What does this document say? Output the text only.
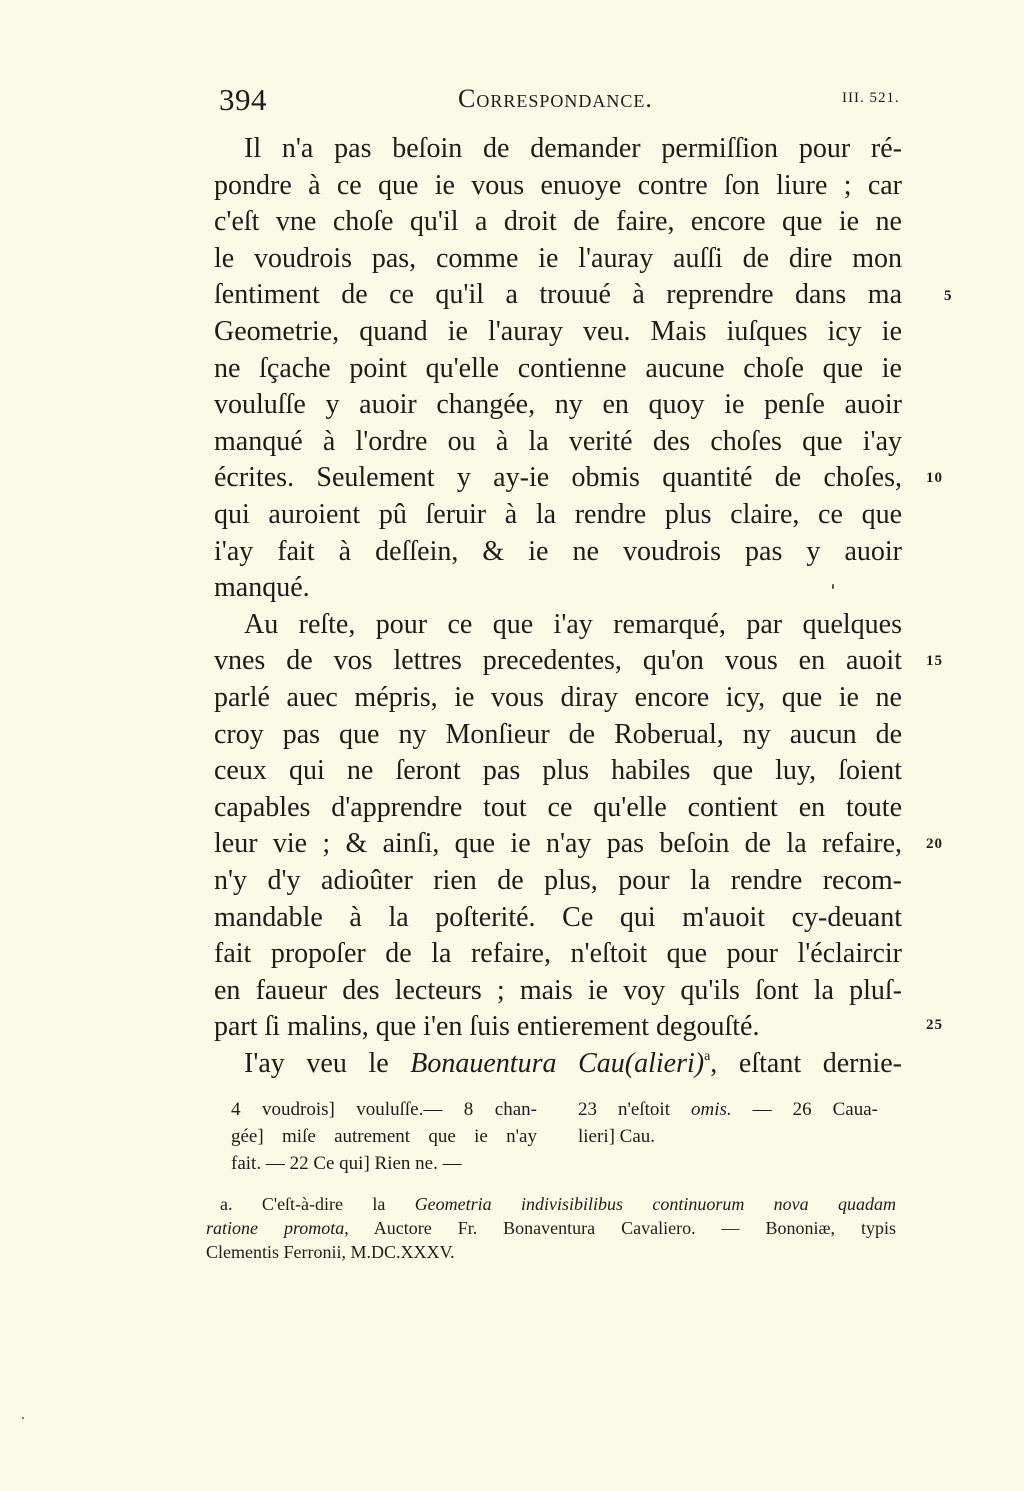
394	Correspondance.	III. 521.
Il n'a pas beſoin de demander permiſſion pour ré-
pondre à ce que ie vous enuoye contre ſon liure ; car
c'eſt vne choſe qu'il a droit de faire, encore que ie ne
le voudrois pas, comme ie l'auray auſſi de dire mon
ſentiment de ce qu'il a trouué à reprendre dans ma
Geometrie, quand ie l'auray veu. Mais iuſques icy ie
ne ſçache point qu'elle contienne aucune choſe que ie
vouluſſe y auoir changée, ny en quoy ie penſe auoir
manqué à l'ordre ou à la verité des choſes que i'ay
écrites. Seulement y ay-ie obmis quantité de choſes,
qui auroient pû ſeruir à la rendre plus claire, ce que
i'ay fait à deſſein, & ie ne voudrois pas y auoir
manqué.
Au reſte, pour ce que i'ay remarqué, par quelques
vnes de vos lettres precedentes, qu'on vous en auoit
parlé auec mépris, ie vous diray encore icy, que ie ne
croy pas que ny Monſieur de Roberual, ny aucun de
ceux qui ne ſeront pas plus habiles que luy, ſoient
capables d'apprendre tout ce qu'elle contient en toute
leur vie ; & ainſi, que ie n'ay pas beſoin de la refaire,
n'y d'y adioûter rien de plus, pour la rendre recom-
mandable à la poſterité. Ce qui m'auoit cy-deuant
fait propoſer de la refaire, n'eſtoit que pour l'éclaircir
en faueur des lecteurs ; mais ie voy qu'ils ſont la pluſ-
part ſi malins, que i'en ſuis entierement degouſté.
I'ay veu le Bonauentura Cau(alieri)$^a$, eſtant dernie-
5
10
15
20
25
4 voudrois] vouluſſe.— 8 chan-
gée] miſe autrement que ie n'ay
fait. — 22 Ce qui] Rien ne. —
23 n'eſtoit omis. — 26 Caua-
lieri] Cau.
a. C'eſt-à-dire la Geometria indivisibilibus continuorum nova quadam
ratione promota, Auctore Fr. Bonaventura Cavaliero. — Bononiæ, typis
Clementis Ferronii, M.DC.XXXV.
